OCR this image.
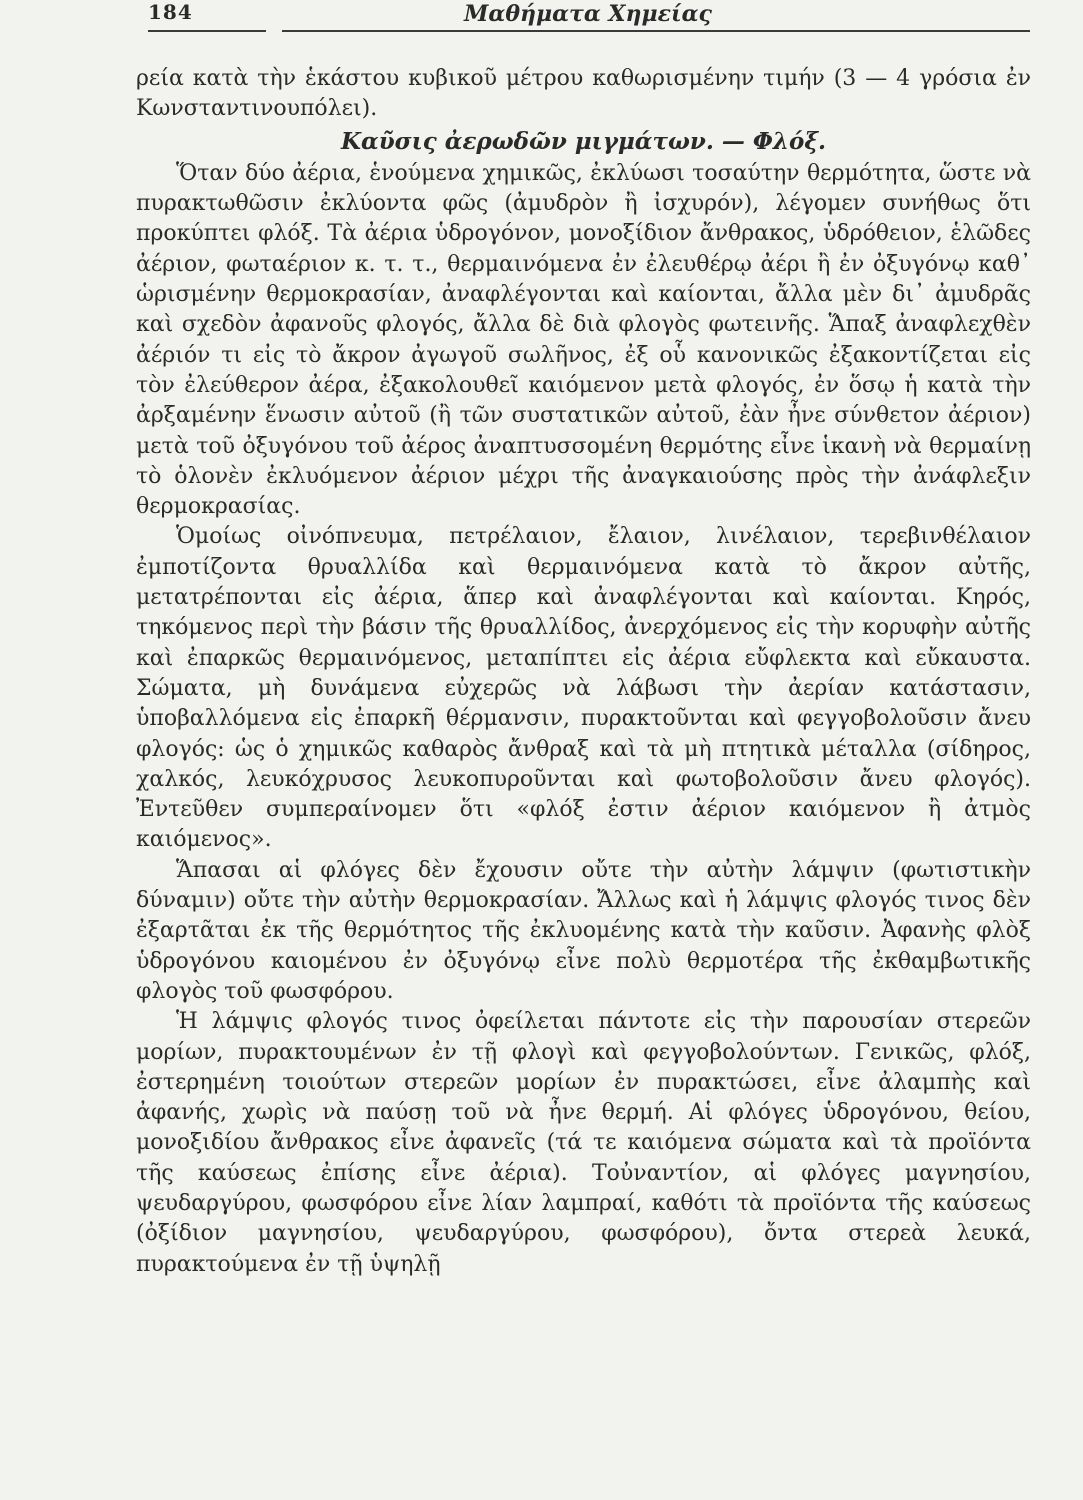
184	Μαθήματα Χημείας

ρεία κατὰ τὴν ἑκάστου κυβικοῦ μέτρου καθωρισμένην τιμήν (3 — 4 γρόσια ἐν Κωνσταντινουπόλει).

Καῦσις ἀερωδῶν μιγμάτων. — Φλόξ.

Ὅταν δύο ἀέρια, ἑνούμενα χημικῶς, ἐκλύωσι τοσαύτην θερμότητα, ὥστε νὰ πυρακτωθῶσιν ἐκλύοντα φῶς (ἀμυδρὸν ἢ ἰσχυρόν), λέγομεν συνήθως ὅτι προκύπτει φλόξ. Τὰ ἀέρια ὑδρογόνον, μονοξίδιον ἄνθρακος, ὑδρόθειον, ἑλῶδες ἀέριον, φωταέριον κ. τ. τ., θερμαινόμενα ἐν ἐλευθέρῳ ἀέρι ἢ ἐν ὀξυγόνῳ καθ᾽ ὡρισμένην θερμοκρασίαν, ἀναφλέγονται καὶ καίονται, ἄλλα μὲν δι᾽ ἀμυδρᾶς καὶ σχεδὸν ἀφανοῦς φλογός, ἄλλα δὲ διὰ φλογὸς φωτεινῆς. Ἅπαξ ἀναφλεχθὲν ἀέριόν τι εἰς τὸ ἄκρον ἀγωγοῦ σωλῆνος, ἐξ οὗ κανονικῶς ἐξακοντίζεται εἰς τὸν ἐλεύθερον ἀέρα, ἐξακολουθεῖ καιόμενον μετὰ φλογός, ἐν ὅσῳ ἡ κατὰ τὴν ἀρξαμένην ἕνωσιν αὐτοῦ (ἢ τῶν συστατικῶν αὐτοῦ, ἐὰν ἦνε σύνθετον ἀέριον) μετὰ τοῦ ὀξυγόνου τοῦ ἀέρος ἀναπτυσσομένη θερμότης εἶνε ἱκανὴ νὰ θερμαίνῃ τὸ ὁλονὲν ἐκλυόμενον ἀέριον μέχρι τῆς ἀναγκαιούσης πρὸς τὴν ἀνάφλεξιν θερμοκρασίας.

Ὁμοίως οἰνόπνευμα, πετρέλαιον, ἔλαιον, λινέλαιον, τερεβινθέλαιον ἐμποτίζοντα θρυαλλίδα καὶ θερμαινόμενα κατὰ τὸ ἄκρον αὐτῆς, μετατρέπονται εἰς ἀέρια, ἅπερ καὶ ἀναφλέγονται καὶ καίονται. Κηρός, τηκόμενος περὶ τὴν βάσιν τῆς θρυαλλίδος, ἀνερχόμενος εἰς τὴν κορυφὴν αὐτῆς καὶ ἐπαρκῶς θερμαινόμενος, μεταπίπτει εἰς ἀέρια εὔφλεκτα καὶ εὔκαυστα. Σώματα, μὴ δυνάμενα εὐχερῶς νὰ λάβωσι τὴν ἀερίαν κατάστασιν, ὑποβαλλόμενα εἰς ἐπαρκῆ θέρμανσιν, πυρακτοῦνται καὶ φεγγοβολοῦσιν ἄνευ φλογός: ὡς ὁ χημικῶς καθαρὸς ἄνθραξ καὶ τὰ μὴ πτητικὰ μέταλλα (σίδηρος, χαλκός, λευκόχρυσος λευκοπυροῦνται καὶ φωτοβολοῦσιν ἄνευ φλογός). Ἐντεῦθεν συμπεραίνομεν ὅτι «φλόξ ἐστιν ἀέριον καιόμενον ἢ ἀτμὸς καιόμενος».

Ἅπασαι αἱ φλόγες δὲν ἔχουσιν οὔτε τὴν αὐτὴν λάμψιν (φωτιστικὴν δύναμιν) οὔτε τὴν αὐτὴν θερμοκρασίαν. Ἄλλως καὶ ἡ λάμψις φλογός τινος δὲν ἐξαρτᾶται ἐκ τῆς θερμότητος τῆς ἐκλυομένης κατὰ τὴν καῦσιν. Ἀφανὴς φλὸξ ὑδρογόνου καιομένου ἐν ὀξυγόνῳ εἶνε πολὺ θερμοτέρα τῆς ἐκθαμβωτικῆς φλογὸς τοῦ φωσφόρου.

Ἡ λάμψις φλογός τινος ὀφείλεται πάντοτε εἰς τὴν παρουσίαν στερεῶν μορίων, πυρακτουμένων ἐν τῇ φλογὶ καὶ φεγγοβολούντων. Γενικῶς, φλόξ, ἐστερημένη τοιούτων στερεῶν μορίων ἐν πυρακτώσει, εἶνε ἀλαμπὴς καὶ ἀφανής, χωρὶς νὰ παύσῃ τοῦ νὰ ἦνε θερμή. Αἱ φλόγες ὑδρογόνου, θείου, μονοξιδίου ἄνθρακος εἶνε ἀφανεῖς (τά τε καιόμενα σώματα καὶ τὰ προϊόντα τῆς καύσεως ἐπίσης εἶνε ἀέρια). Τοὐναντίον, αἱ φλόγες μαγνησίου, ψευδαργύρου, φωσφόρου εἶνε λίαν λαμπραί, καθότι τὰ προϊόντα τῆς καύσεως (ὀξίδιον μαγνησίου, ψευδαργύρου, φωσφόρου), ὄντα στερεὰ λευκά, πυρακτούμενα ἐν τῇ ὑψηλῇ
